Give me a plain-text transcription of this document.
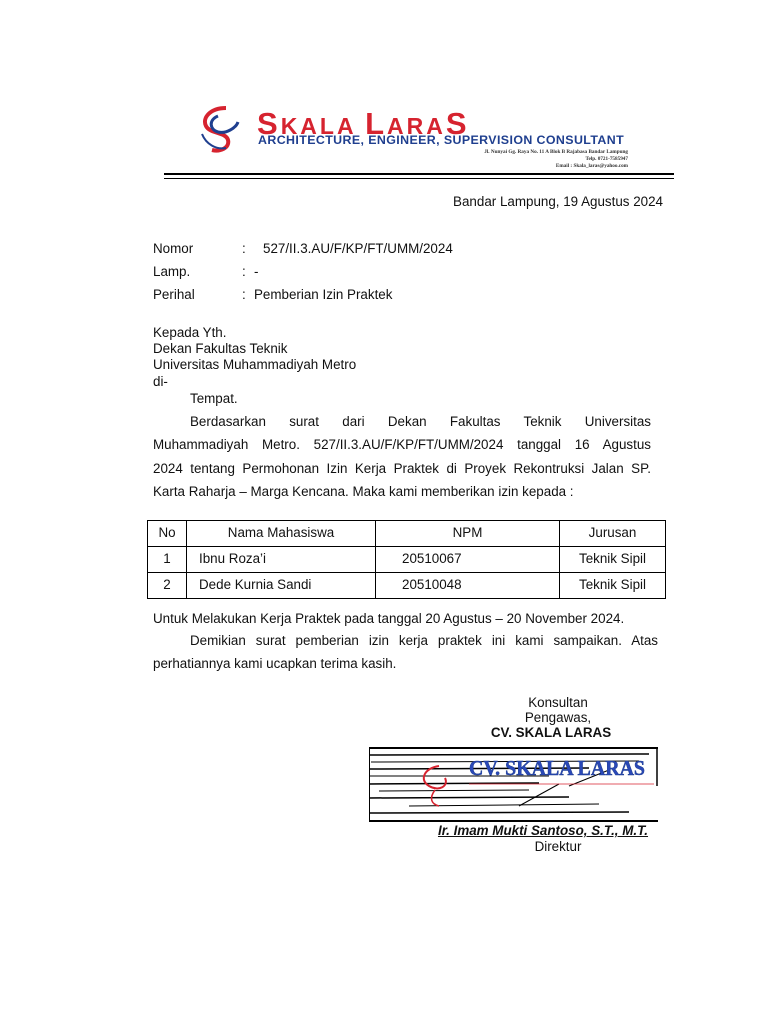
SKALA LARAS
ARCHITECTURE, ENGINEER, SUPERVISION CONSULTANT
Jl. Nunyai Gg. Raya No. 11 A Blok B Rajabasa Bandar Lampung
Telp. 0721-7585947
Email : Skala_laras@yahoo.com
Bandar Lampung, 19 Agustus 2024
Nomor	: 527/II.3.AU/F/KP/FT/UMM/2024
Lamp.	: -
Perihal	: Pemberian Izin Praktek
Kepada Yth.
Dekan Fakultas Teknik
Universitas Muhammadiyah Metro
di-
Tempat.
Berdasarkan surat dari Dekan Fakultas Teknik Universitas
Muhammadiyah Metro. 527/II.3.AU/F/KP/FT/UMM/2024 tanggal 16 Agustus
2024 tentang Permohonan Izin Kerja Praktek di Proyek Rekontruksi Jalan SP.
Karta Raharja – Marga Kencana. Maka kami memberikan izin kepada :
No	Nama Mahasiswa	NPM	Jurusan
1	Ibnu Roza’i	20510067	Teknik Sipil
2	Dede Kurnia Sandi	20510048	Teknik Sipil
Untuk Melakukan Kerja Praktek pada tanggal 20 Agustus – 20 November 2024.
Demikian surat pemberian izin kerja praktek ini kami sampaikan. Atas
perhatiannya kami ucapkan terima kasih.
Konsultan
Pengawas,
CV. SKALA LARAS
CV. SKALA LARAS
Ir. Imam Mukti Santoso, S.T., M.T.
Direktur
